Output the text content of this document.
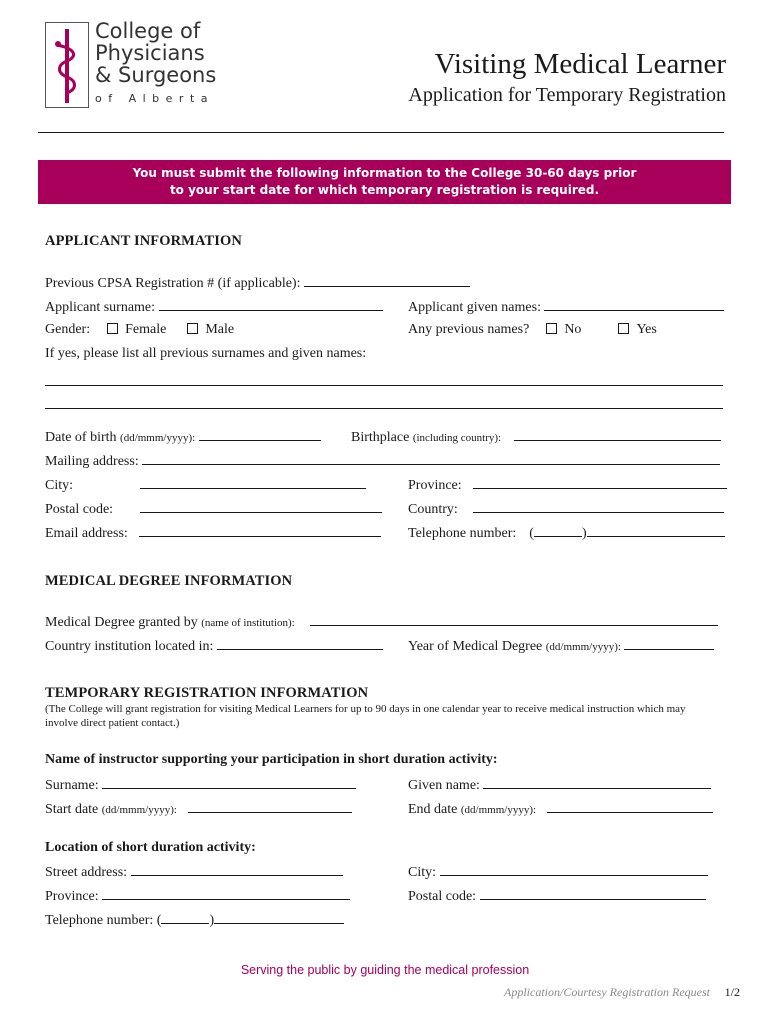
College of
Physicians
& Surgeons
of Alberta
Visiting Medical Learner
Application for Temporary Registration
You must submit the following information to the College 30-60 days prior
to your start date for which temporary registration is required.
APPLICANT INFORMATION
Previous CPSA Registration # (if applicable):
Applicant surname:	Applicant given names:
Gender:	Female	Male	Any previous names?	No	Yes
If yes, please list all previous surnames and given names:
Date of birth (dd/mmm/yyyy):	Birthplace (including country):
Mailing address:
City:	Province:
Postal code:	Country:
Email address:	Telephone number: (	)
MEDICAL DEGREE INFORMATION
Medical Degree granted by (name of institution):
Country institution located in:	Year of Medical Degree (dd/mmm/yyyy):
TEMPORARY REGISTRATION INFORMATION
(The College will grant registration for visiting Medical Learners for up to 90 days in one calendar year to receive medical instruction which may
involve direct patient contact.)
Name of instructor supporting your participation in short duration activity:
Surname:	Given name:
Start date (dd/mmm/yyyy):	End date (dd/mmm/yyyy):
Location of short duration activity:
Street address:	City:
Province:	Postal code:
Telephone number: (	)
Serving the public by guiding the medical profession
Application/Courtesy Registration Request 1/2
